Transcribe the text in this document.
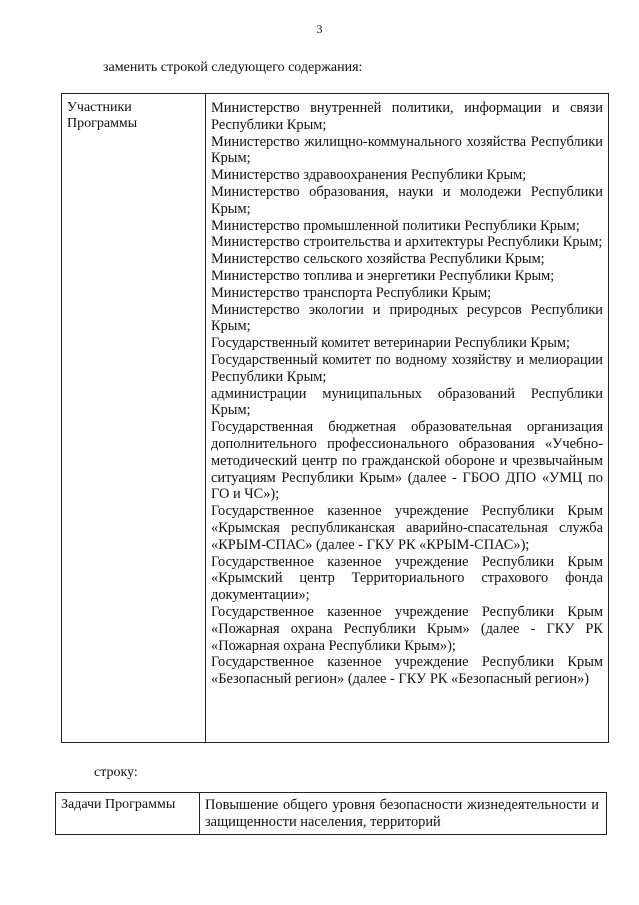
3
заменить строкой следующего содержания:
Участники Программы
Министерство внутренней политики, информации и связи Республики Крым;
Министерство жилищно-коммунального хозяйства Республики Крым;
Министерство здравоохранения Республики Крым;
Министерство образования, науки и молодежи Республики Крым;
Министерство промышленной политики Республики Крым;
Министерство строительства и архитектуры Республики Крым;
Министерство сельского хозяйства Республики Крым;
Министерство топлива и энергетики Республики Крым;
Министерство транспорта Республики Крым;
Министерство экологии и природных ресурсов Республики Крым;
Государственный комитет ветеринарии Республики Крым;
Государственный комитет по водному хозяйству и мелиорации Республики Крым;
администрации муниципальных образований Республики Крым;
Государственная бюджетная образовательная организация дополнительного профессионального образования «Учебно-методический центр по гражданской обороне и чрезвычайным ситуациям Республики Крым» (далее - ГБОО ДПО «УМЦ по ГО и ЧС»);
Государственное казенное учреждение Республики Крым «Крымская республиканская аварийно-спасательная служба «КРЫМ-СПАС» (далее - ГКУ РК «КРЫМ-СПАС»);
Государственное казенное учреждение Республики Крым «Крымский центр Территориального страхового фонда документации»;
Государственное казенное учреждение Республики Крым «Пожарная охрана Республики Крым» (далее - ГКУ РК «Пожарная охрана Республики Крым»);
Государственное казенное учреждение Республики Крым «Безопасный регион» (далее - ГКУ РК «Безопасный регион»)
строку:
Задачи Программы	Повышение общего уровня безопасности жизнедеятельности и защищенности населения, территорий
